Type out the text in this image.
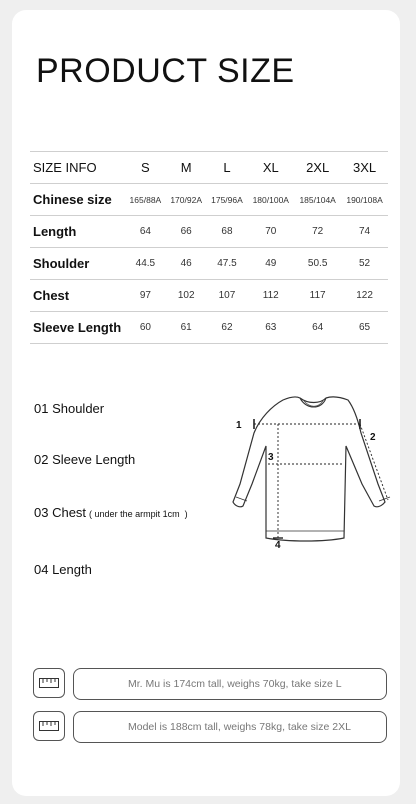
PRODUCT SIZE
SIZE INFO	S	M	L	XL	2XL	3XL
Chinese size	165/88A	170/92A	175/96A	180/100A	185/104A	190/108A
Length	64	66	68	70	72	74
Shoulder	44.5	46	47.5	49	50.5	52
Chest	97	102	107	112	117	122
Sleeve Length	60	61	62	63	64	65
01 Shoulder
02 Sleeve Length
03 Chest ( under the armpit 1cm  )
04 Length
1
2
3
4
Mr. Mu is 174cm tall, weighs 70kg, take size L
Model is 188cm tall, weighs 78kg, take size 2XL
